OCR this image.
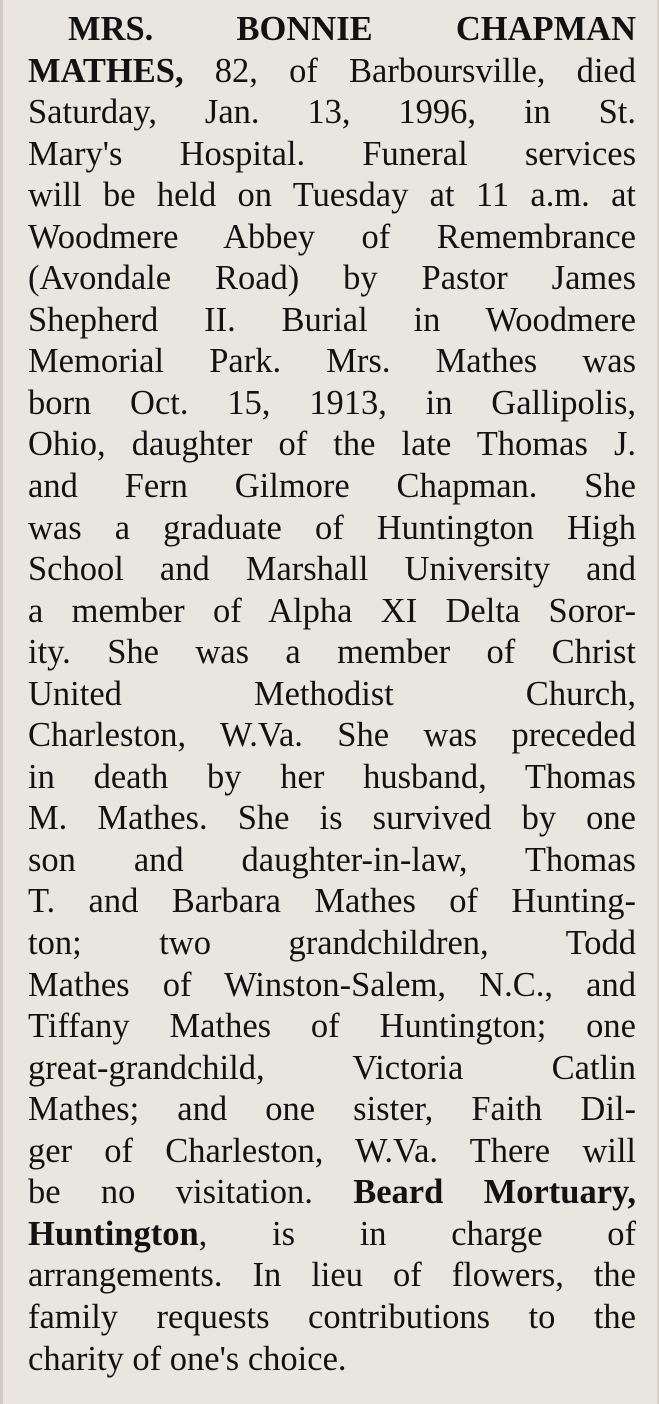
MRS. BONNIE CHAPMAN
MATHES, 82, of Barboursville, died
Saturday, Jan. 13, 1996, in St.
Mary's Hospital. Funeral services
will be held on Tuesday at 11 a.m. at
Woodmere Abbey of Remembrance
(Avondale Road) by Pastor James
Shepherd II. Burial in Woodmere
Memorial Park. Mrs. Mathes was
born Oct. 15, 1913, in Gallipolis,
Ohio, daughter of the late Thomas J.
and Fern Gilmore Chapman. She
was a graduate of Huntington High
School and Marshall University and
a member of Alpha XI Delta Soror-
ity. She was a member of Christ
United Methodist Church,
Charleston, W.Va. She was preceded
in death by her husband, Thomas
M. Mathes. She is survived by one
son and daughter-in-law, Thomas
T. and Barbara Mathes of Hunting-
ton; two grandchildren, Todd
Mathes of Winston-Salem, N.C., and
Tiffany Mathes of Huntington; one
great-grandchild, Victoria Catlin
Mathes; and one sister, Faith Dil-
ger of Charleston, W.Va. There will
be no visitation. Beard Mortuary,
Huntington, is in charge of
arrangements. In lieu of flowers, the
family requests contributions to the
charity of one's choice.
